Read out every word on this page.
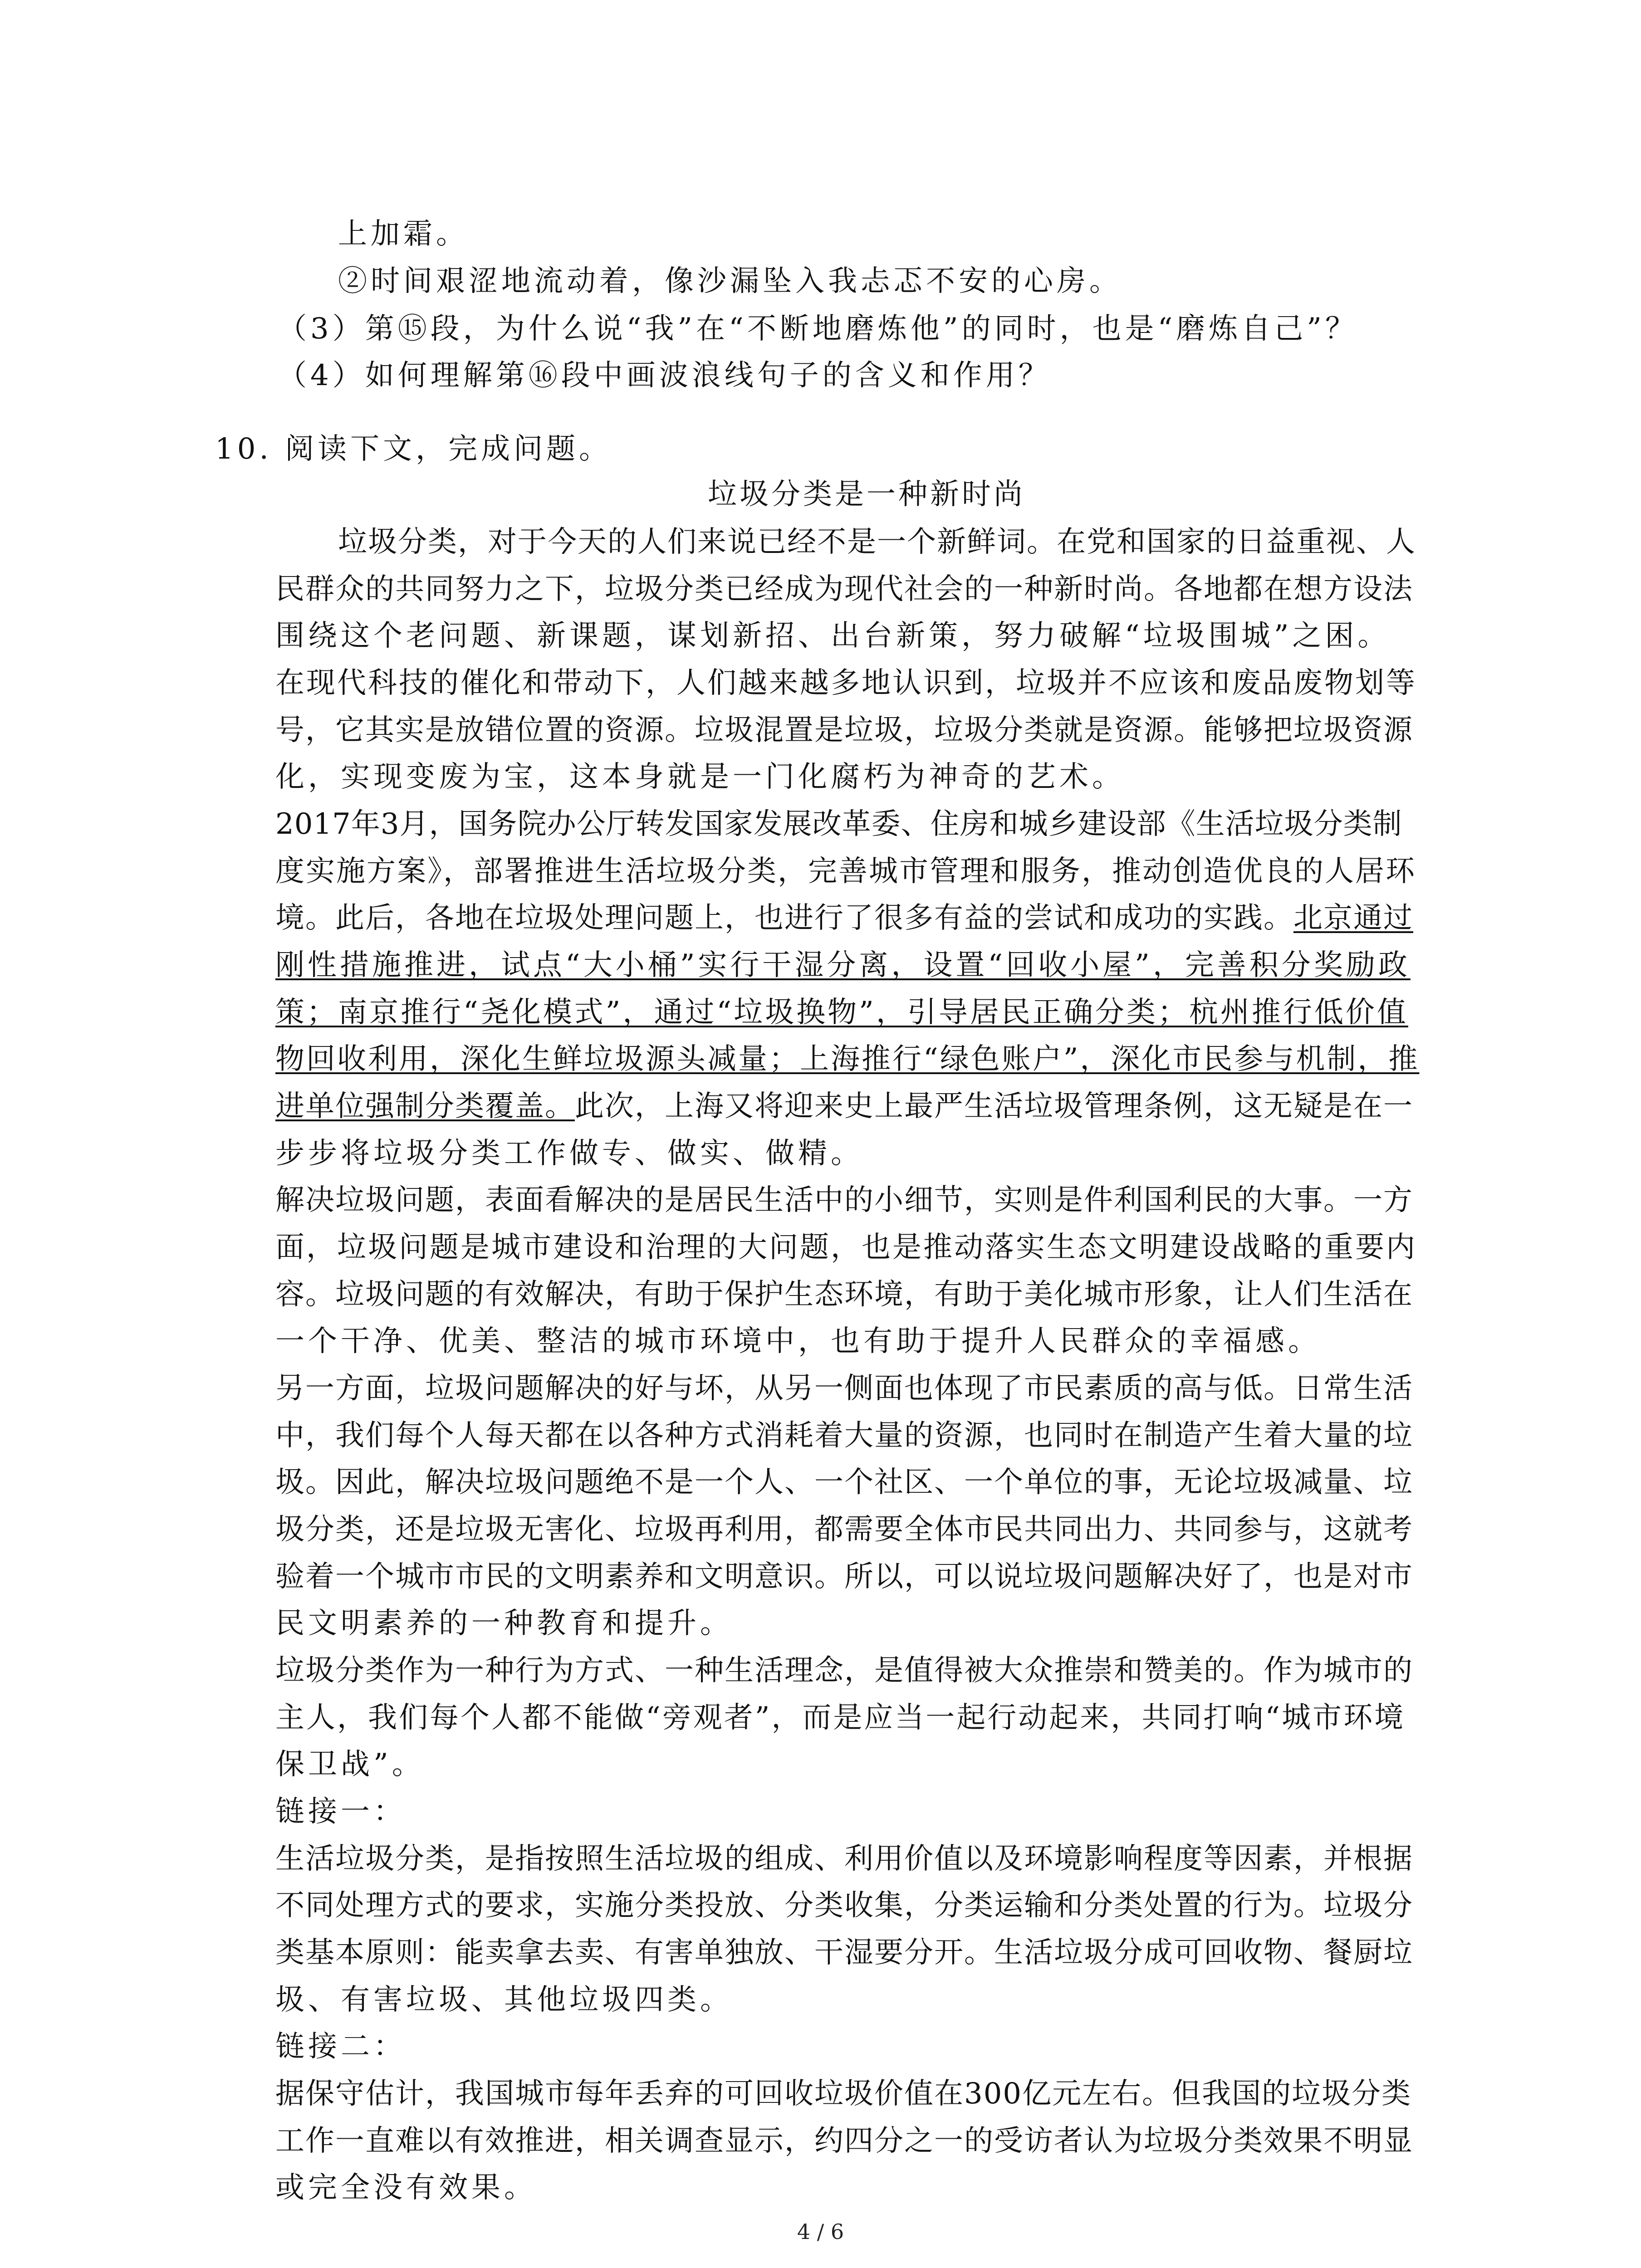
上加霜。
②时间艰涩地流动着，像沙漏坠入我忐忑不安的心房。
（3）第⑮段，为什么说“我”在“不断地磨炼他”的同时，也是“磨炼自己”？
（4）如何理解第⑯段中画波浪线句子的含义和作用？
10. 阅读下文，完成问题。
垃圾分类是一种新时尚
垃圾分类，对于今天的人们来说已经不是一个新鲜词。在党和国家的日益重视、人
民群众的共同努力之下，垃圾分类已经成为现代社会的一种新时尚。各地都在想方设法
围绕这个老问题、新课题，谋划新招、出台新策，努力破解“垃圾围城”之困。
在现代科技的催化和带动下，人们越来越多地认识到，垃圾并不应该和废品废物划等
号，它其实是放错位置的资源。垃圾混置是垃圾，垃圾分类就是资源。能够把垃圾资源
化，实现变废为宝，这本身就是一门化腐朽为神奇的艺术。
2017年3月，国务院办公厅转发国家发展改革委、住房和城乡建设部《生活垃圾分类制
度实施方案》，部署推进生活垃圾分类，完善城市管理和服务，推动创造优良的人居环
境。此后，各地在垃圾处理问题上，也进行了很多有益的尝试和成功的实践。北京通过
刚性措施推进，试点“大小桶”实行干湿分离，设置“回收小屋”，完善积分奖励政
策；南京推行“尧化模式”，通过“垃圾换物”，引导居民正确分类；杭州推行低价值
物回收利用，深化生鲜垃圾源头减量；上海推行“绿色账户”，深化市民参与机制，推
进单位强制分类覆盖。此次，上海又将迎来史上最严生活垃圾管理条例，这无疑是在一
步步将垃圾分类工作做专、做实、做精。
解决垃圾问题，表面看解决的是居民生活中的小细节，实则是件利国利民的大事。一方
面，垃圾问题是城市建设和治理的大问题，也是推动落实生态文明建设战略的重要内
容。垃圾问题的有效解决，有助于保护生态环境，有助于美化城市形象，让人们生活在
一个干净、优美、整洁的城市环境中，也有助于提升人民群众的幸福感。
另一方面，垃圾问题解决的好与坏，从另一侧面也体现了市民素质的高与低。日常生活
中，我们每个人每天都在以各种方式消耗着大量的资源，也同时在制造产生着大量的垃
圾。因此，解决垃圾问题绝不是一个人、一个社区、一个单位的事，无论垃圾减量、垃
圾分类，还是垃圾无害化、垃圾再利用，都需要全体市民共同出力、共同参与，这就考
验着一个城市市民的文明素养和文明意识。所以，可以说垃圾问题解决好了，也是对市
民文明素养的一种教育和提升。
垃圾分类作为一种行为方式、一种生活理念，是值得被大众推崇和赞美的。作为城市的
主人，我们每个人都不能做“旁观者”，而是应当一起行动起来，共同打响“城市环境
保卫战”。
链接一：
生活垃圾分类，是指按照生活垃圾的组成、利用价值以及环境影响程度等因素，并根据
不同处理方式的要求，实施分类投放、分类收集，分类运输和分类处置的行为。垃圾分
类基本原则：能卖拿去卖、有害单独放、干湿要分开。生活垃圾分成可回收物、餐厨垃
圾、有害垃圾、其他垃圾四类。
链接二：
据保守估计，我国城市每年丢弃的可回收垃圾价值在300亿元左右。但我国的垃圾分类
工作一直难以有效推进，相关调查显示，约四分之一的受访者认为垃圾分类效果不明显
或完全没有效果。
4 / 6
